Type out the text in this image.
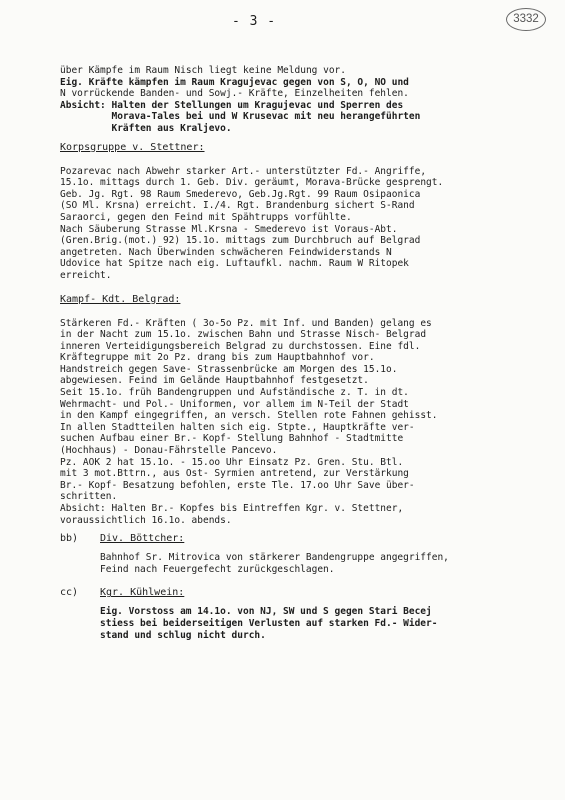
- 3 -	3332
über Kämpfe im Raum Nisch liegt keine Meldung vor.
Eig. Kräfte kämpfen im Raum Kragujevac gegen von S, O, NO und
N vorrückende Banden- und Sowj.- Kräfte, Einzelheiten fehlen.
Absicht: Halten der Stellungen um Kragujevac und Sperren des
Morava-Tales bei und W Krusevac mit neu herangeführten
Kräften aus Kraljevo.
Korpsgruppe v. Stettner:
Pozarevac nach Abwehr starker Art.- unterstützter Fd.- Angriffe,
15.1o. mittags durch 1. Geb. Div. geräumt, Morava-Brücke gesprengt.
Geb. Jg. Rgt. 98 Raum Smederevo, Geb.Jg.Rgt. 99 Raum Osipaonica
(SO Ml. Krsna) erreicht. I./4. Rgt. Brandenburg sichert S-Rand
Saraorci, gegen den Feind mit Spähtrupps vorfühlte.
Nach Säuberung Strasse Ml.Krsna - Smederevo ist Voraus-Abt.
(Gren.Brig.(mot.) 92) 15.1o. mittags zum Durchbruch auf Belgrad
angetreten. Nach Überwinden schwächeren Feindwiderstands N
Udovice hat Spitze nach eig. Luftaufkl. nachm. Raum W Ritopek
erreicht.
Kampf- Kdt. Belgrad:
Stärkeren Fd.- Kräften ( 3o-5o Pz. mit Inf. und Banden) gelang es
in der Nacht zum 15.1o. zwischen Bahn und Strasse Nisch- Belgrad
inneren Verteidigungsbereich Belgrad zu durchstossen. Eine fdl.
Kräftegruppe mit 2o Pz. drang bis zum Hauptbahnhof vor.
Handstreich gegen Save- Strassenbrücke am Morgen des 15.1o.
abgewiesen. Feind im Gelände Hauptbahnhof festgesetzt.
Seit 15.1o. früh Bandengruppen und Aufständische z. T. in dt.
Wehrmacht- und Pol.- Uniformen, vor allem im N-Teil der Stadt
in den Kampf eingegriffen, an versch. Stellen rote Fahnen gehisst.
In allen Stadtteilen halten sich eig. Stpte., Hauptkräfte ver-
suchen Aufbau einer Br.- Kopf- Stellung Bahnhof - Stadtmitte
(Hochhaus) - Donau-Fährstelle Pancevo.
Pz. AOK 2 hat 15.1o. - 15.oo Uhr Einsatz Pz. Gren. Stu. Btl.
mit 3 mot.Bttrn., aus Ost- Syrmien antretend, zur Verstärkung
Br.- Kopf- Besatzung befohlen, erste Tle. 17.oo Uhr Save über-
schritten.
Absicht: Halten Br.- Kopfes bis Eintreffen Kgr. v. Stettner,
voraussichtlich 16.1o. abends.
bb) Div. Böttcher:
Bahnhof Sr. Mitrovica von stärkerer Bandengruppe angegriffen,
Feind nach Feuergefecht zurückgeschlagen.
cc) Kgr. Kühlwein:
Eig. Vorstoss am 14.1o. von NJ, SW und S gegen Stari Becej
stiess bei beiderseitigen Verlusten auf starken Fd.- Wider-
stand und schlug nicht durch.
